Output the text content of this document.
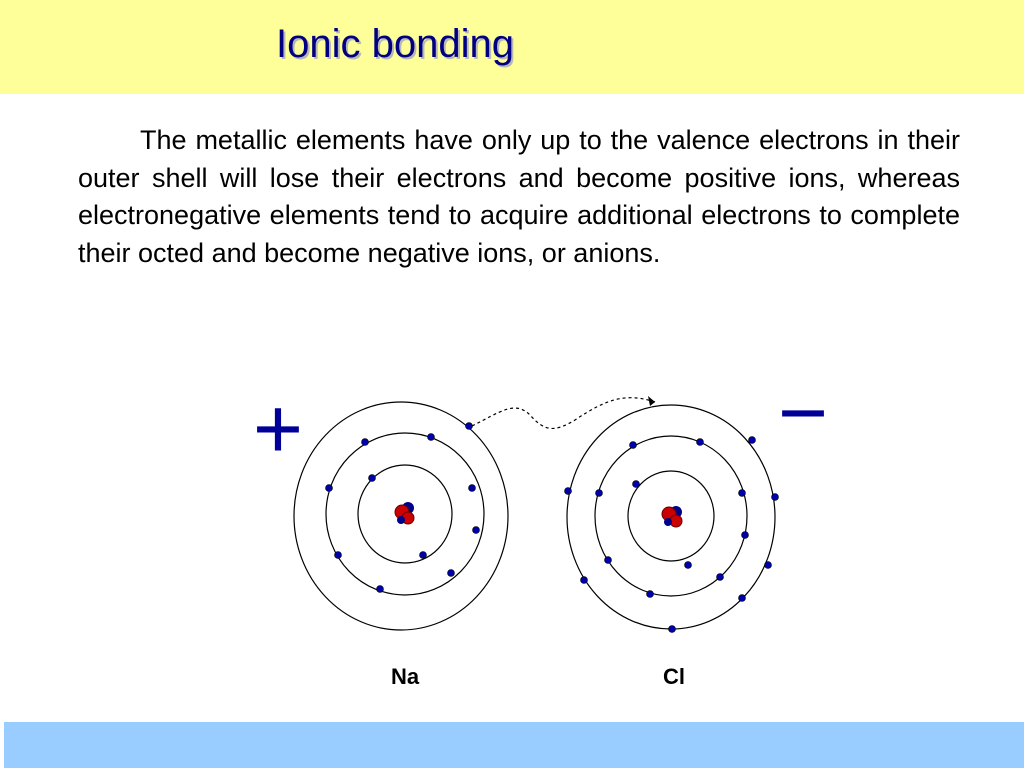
Ionic bonding

The metallic elements have only up to the valence electrons in their outer shell will lose their electrons and become positive ions, whereas electronegative elements tend to acquire additional electrons to complete their octed and become negative ions, or anions.

+	−
Na	Cl
